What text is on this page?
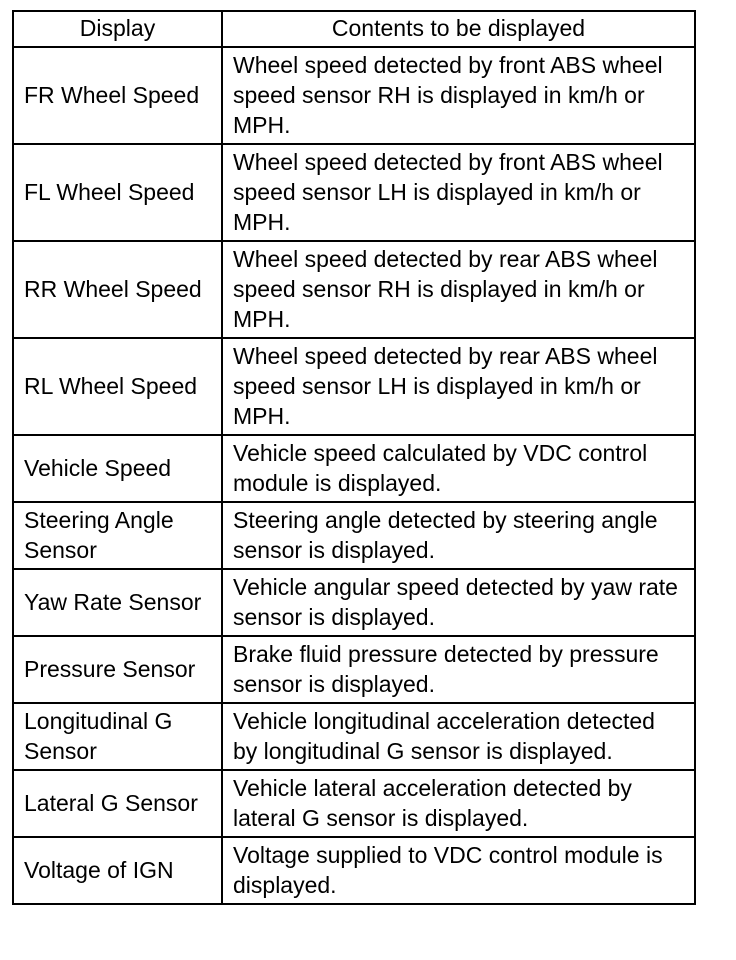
Display	Contents to be displayed
FR Wheel Speed	Wheel speed detected by front ABS wheel speed sensor RH is displayed in km/h or MPH.
FL Wheel Speed	Wheel speed detected by front ABS wheel speed sensor LH is displayed in km/h or MPH.
RR Wheel Speed	Wheel speed detected by rear ABS wheel speed sensor RH is displayed in km/h or MPH.
RL Wheel Speed	Wheel speed detected by rear ABS wheel speed sensor LH is displayed in km/h or MPH.
Vehicle Speed	Vehicle speed calculated by VDC control module is displayed.
Steering Angle Sensor	Steering angle detected by steering angle sensor is displayed.
Yaw Rate Sensor	Vehicle angular speed detected by yaw rate sensor is displayed.
Pressure Sensor	Brake fluid pressure detected by pressure sensor is displayed.
Longitudinal G Sensor	Vehicle longitudinal acceleration detected by longitudinal G sensor is displayed.
Lateral G Sensor	Vehicle lateral acceleration detected by lateral G sensor is displayed.
Voltage of IGN	Voltage supplied to VDC control module is displayed.
